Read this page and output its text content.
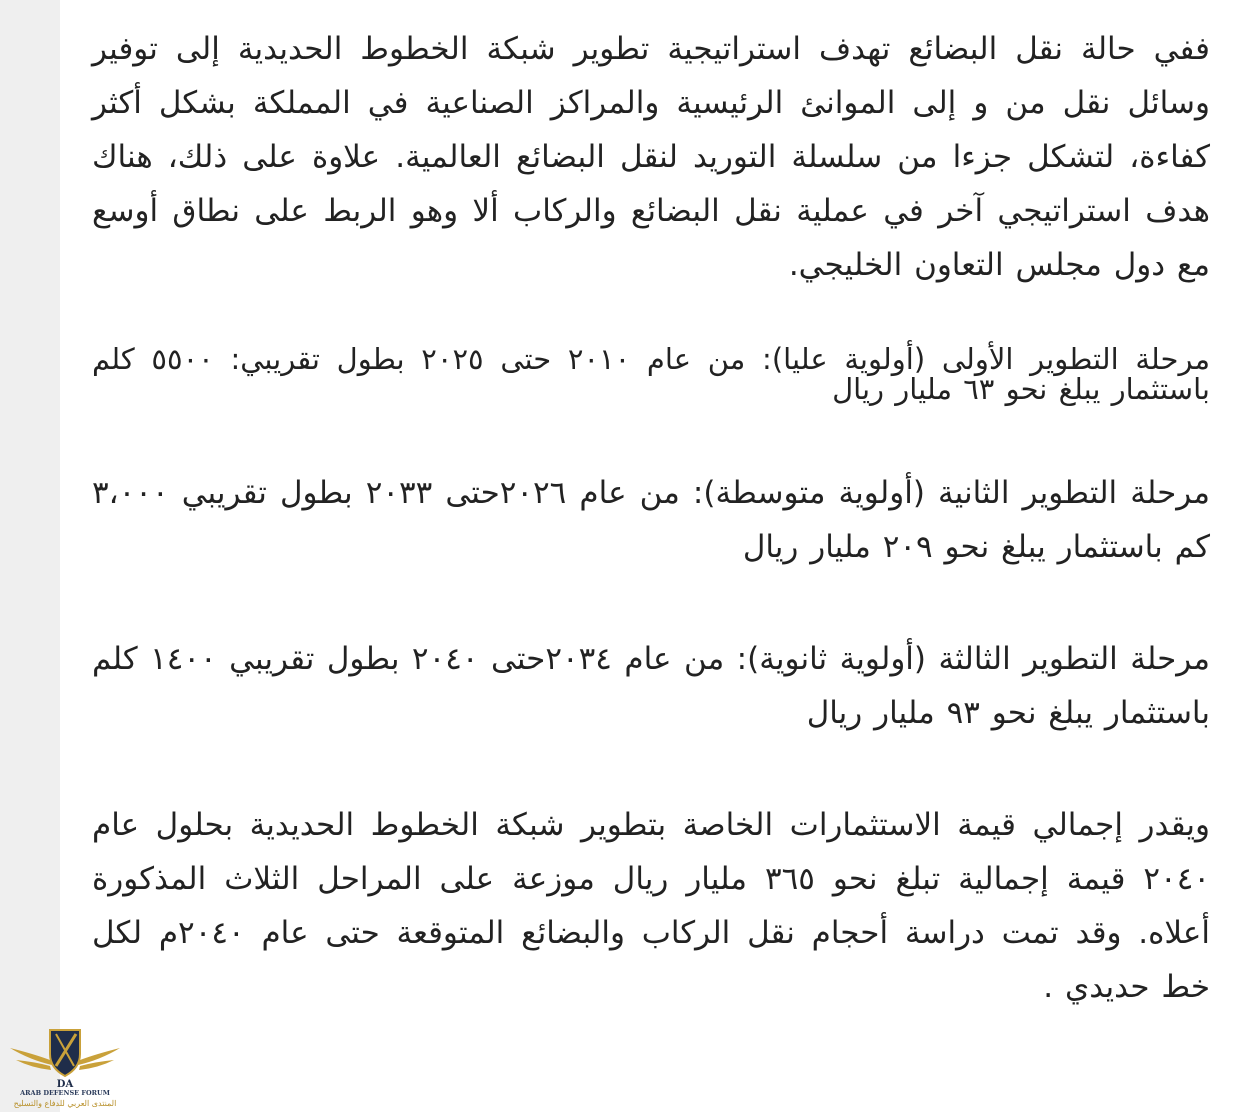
ففي حالة نقل البضائع تهدف استراتيجية تطوير شبكة الخطوط الحديدية إلى توفير وسائل نقل من و إلى الموانئ الرئيسية والمراكز الصناعية في المملكة بشكل أكثر كفاءة، لتشكل جزءا من سلسلة التوريد لنقل البضائع العالمية. علاوة على ذلك، هناك هدف استراتيجي آخر في عملية نقل البضائع والركاب ألا وهو الربط على نطاق أوسع مع دول مجلس التعاون الخليجي.

مرحلة التطوير الأولى (أولوية عليا): من عام ٢٠١٠ حتى ٢٠٢٥ بطول تقريبي: ٥٥٠٠ كلم باستثمار يبلغ نحو ٦٣ مليار ريال

مرحلة التطوير الثانية (أولوية متوسطة): من عام ٢٠٢٦حتى ٢٠٣٣ بطول تقريبي ٣،٠٠٠ كم باستثمار يبلغ نحو ٢٠٩ مليار ريال

مرحلة التطوير الثالثة (أولوية ثانوية): من عام ٢٠٣٤حتى ٢٠٤٠ بطول تقريبي ١٤٠٠ كلم باستثمار يبلغ نحو ٩٣ مليار ريال

ويقدر إجمالي قيمة الاستثمارات الخاصة بتطوير شبكة الخطوط الحديدية بحلول عام ٢٠٤٠ قيمة إجمالية تبلغ نحو ٣٦٥ مليار ريال موزعة على المراحل الثلاث المذكورة أعلاه. وقد تمت دراسة أحجام نقل الركاب والبضائع المتوقعة حتى عام ٢٠٤٠م لكل خط حديدي .

DA
ARAB DEFENSE FORUM
المنتدى العربي للدفاع والتسليح
